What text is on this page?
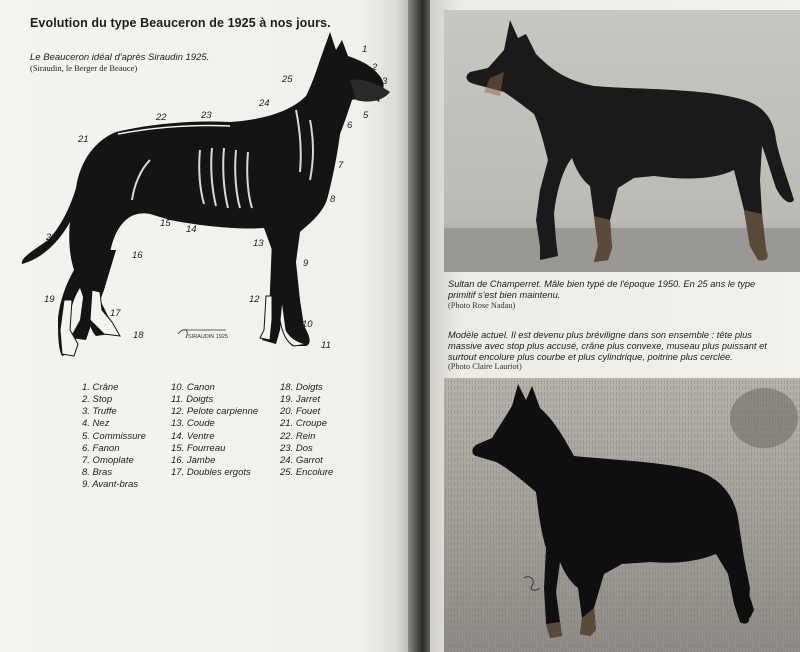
Evolution du type Beauceron de 1925 à nos jours.
Le Beauceron idéal d'après Siraudin 1925.
(Siraudin, le Berger de Beauce)
1
2
3
4
5
6
7
8
9
10
11
12
13
14
15
16
17
18
19
20
21
22	23
24
25
SIRAUDIN 1925
1. Crâne
2. Stop
3. Truffe
4. Nez
5. Commissure
6. Fanon
7. Omoplate
8. Bras
9. Avant-bras
10. Canon
11. Doigts
12. Pelote carpienne
13. Coude
14. Ventre
15. Fourreau
16. Jambe
17. Doubles ergots
18. Doigts
19. Jarret
20. Fouet
21. Croupe
22. Rein
23. Dos
24. Garrot
25. Encolure
Sultan de Champerret. Mâle bien typé de l'époque 1950. En 25 ans le type
primitif s'est bien maintenu.
(Photo Rose Nadau)
Modèle actuel. Il est devenu plus bréviligne dans son ensemble : tête plus
massive avec stop plus accusé, crâne plus convexe, museau plus puissant et
surtout encolure plus courbe et plus cylindrique, poitrine plus cerclée.
(Photo Claire Lauriot)
